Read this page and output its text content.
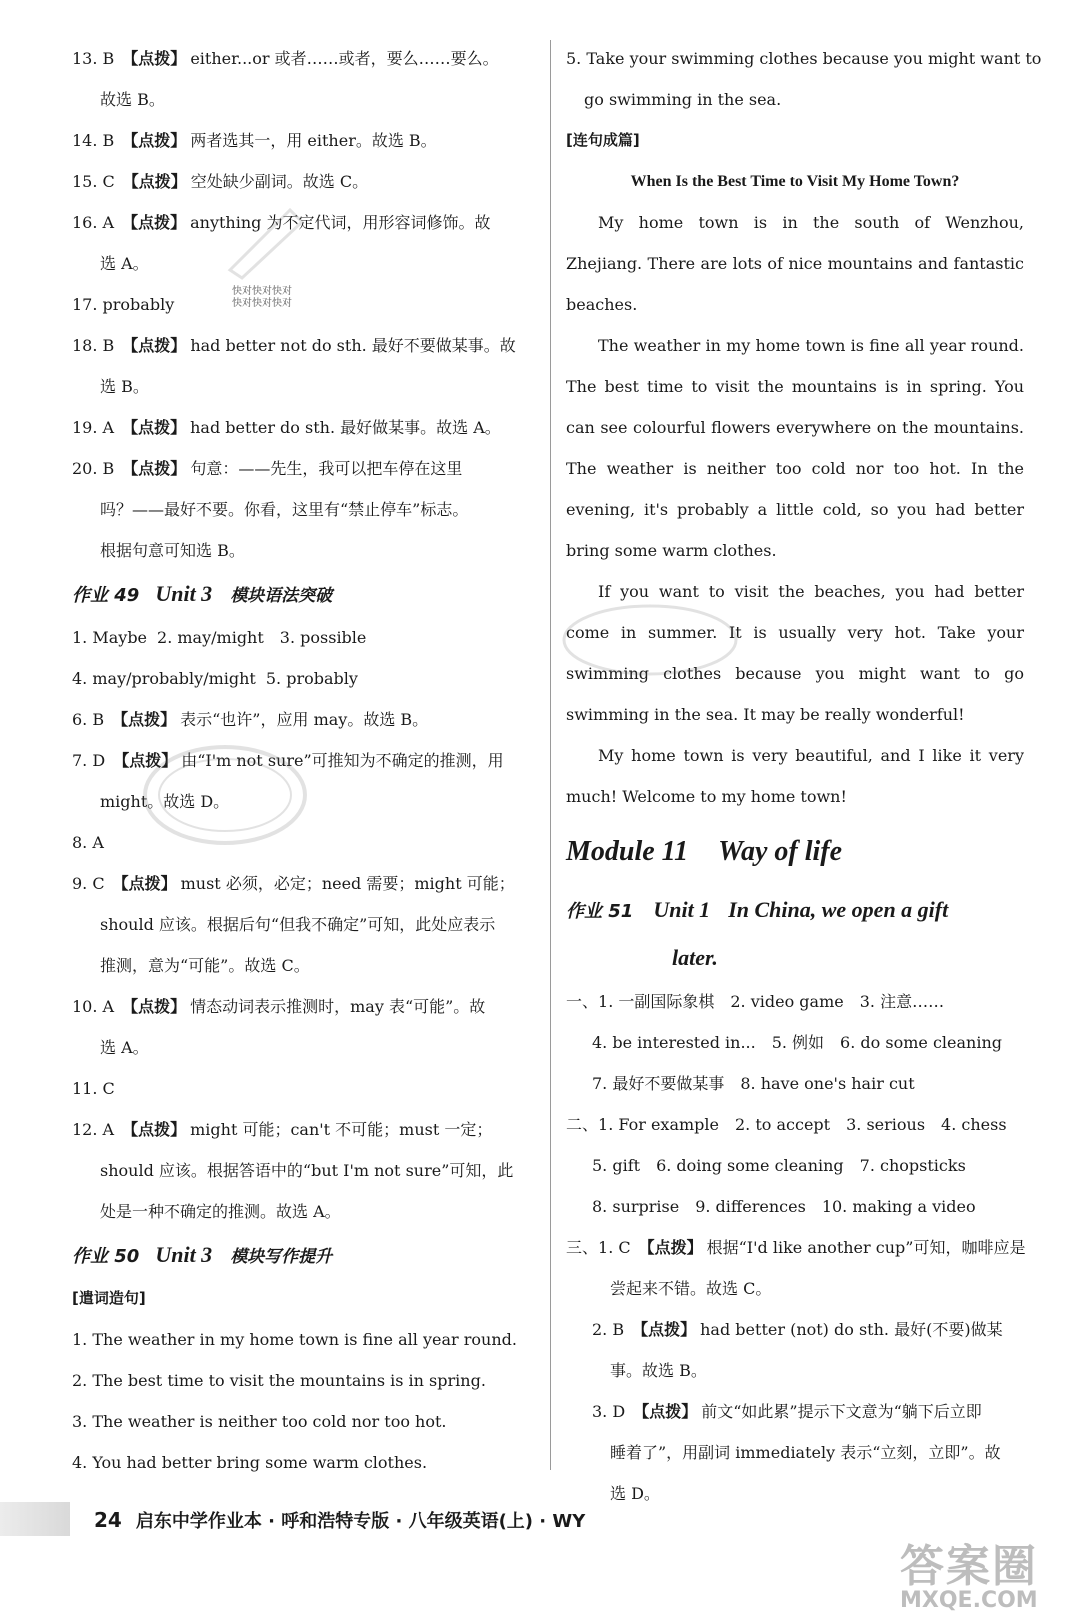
13. B 【点拨】 either...or 或者……或者，要么……要么。
故选 B。
14. B 【点拨】 两者选其一，用 either。故选 B。
15. C 【点拨】 空处缺少副词。故选 C。
16. A 【点拨】 anything 为不定代词，用形容词修饰。故
选 A。
17. probably
18. B 【点拨】 had better not do sth. 最好不要做某事。故
选 B。
19. A 【点拨】 had better do sth. 最好做某事。故选 A。
20. B 【点拨】 句意：——先生，我可以把车停在这里
吗？——最好不要。你看，这里有“禁止停车”标志。
根据句意可知选 B。
作业 49 Unit 3 模块语法突破
1. Maybe 2. may/might　3. possible
4. may/probably/might 5. probably
6. B 【点拨】 表示“也许”，应用 may。故选 B。
7. D 【点拨】 由“I'm not sure”可推知为不确定的推测，用
might。故选 D。
8. A
9. C 【点拨】 must 必须，必定；need 需要；might 可能；
should 应该。根据后句“但我不确定”可知，此处应表示
推测，意为“可能”。故选 C。
10. A 【点拨】 情态动词表示推测时，may 表“可能”。故
选 A。
11. C
12. A 【点拨】 might 可能；can't 不可能；must 一定；
should 应该。根据答语中的“but I'm not sure”可知，此
处是一种不确定的推测。故选 A。
作业 50 Unit 3 模块写作提升
[遣词造句]
1. The weather in my home town is fine all year round.
2. The best time to visit the mountains is in spring.
3. The weather is neither too cold nor too hot.
4. You had better bring some warm clothes.
5. Take your swimming clothes because you might want to
go swimming in the sea.
[连句成篇]
When Is the Best Time to Visit My Home Town?
My home town is in the south of Wenzhou, Zhejiang. There are lots of nice mountains and fantastic beaches.
The weather in my home town is fine all year round. The best time to visit the mountains is in spring. You can see colourful flowers everywhere on the mountains. The weather is neither too cold nor too hot. In the evening, it's probably a little cold, so you had better bring some warm clothes.
If you want to visit the beaches, you had better come in summer. It is usually very hot. Take your swimming clothes because you might want to go swimming in the sea. It may be really wonderful!
My home town is very beautiful, and I like it very much! Welcome to my home town!
Module 11 Way of life
作业 51 Unit 1 In China, we open a gift
later.
一、1. 一副国际象棋　2. video game　3. 注意……
4. be interested in...　5. 例如　6. do some cleaning
7. 最好不要做某事　8. have one's hair cut
二、1. For example　2. to accept　3. serious　4. chess
5. gift　6. doing some cleaning　7. chopsticks
8. surprise　9. differences　10. making a video
三、1. C 【点拨】 根据“I'd like another cup”可知，咖啡应是
尝起来不错。故选 C。
2. B 【点拨】 had better (not) do sth. 最好(不要)做某
事。故选 B。
3. D 【点拨】 前文“如此累”提示下文意为“躺下后立即
睡着了”，用副词 immediately 表示“立刻，立即”。故
选 D。
快对快对快对
快对快对快对
24 启东中学作业本 · 呼和浩特专版 · 八年级英语(上) · WY
答案圈
MXQE.COM
